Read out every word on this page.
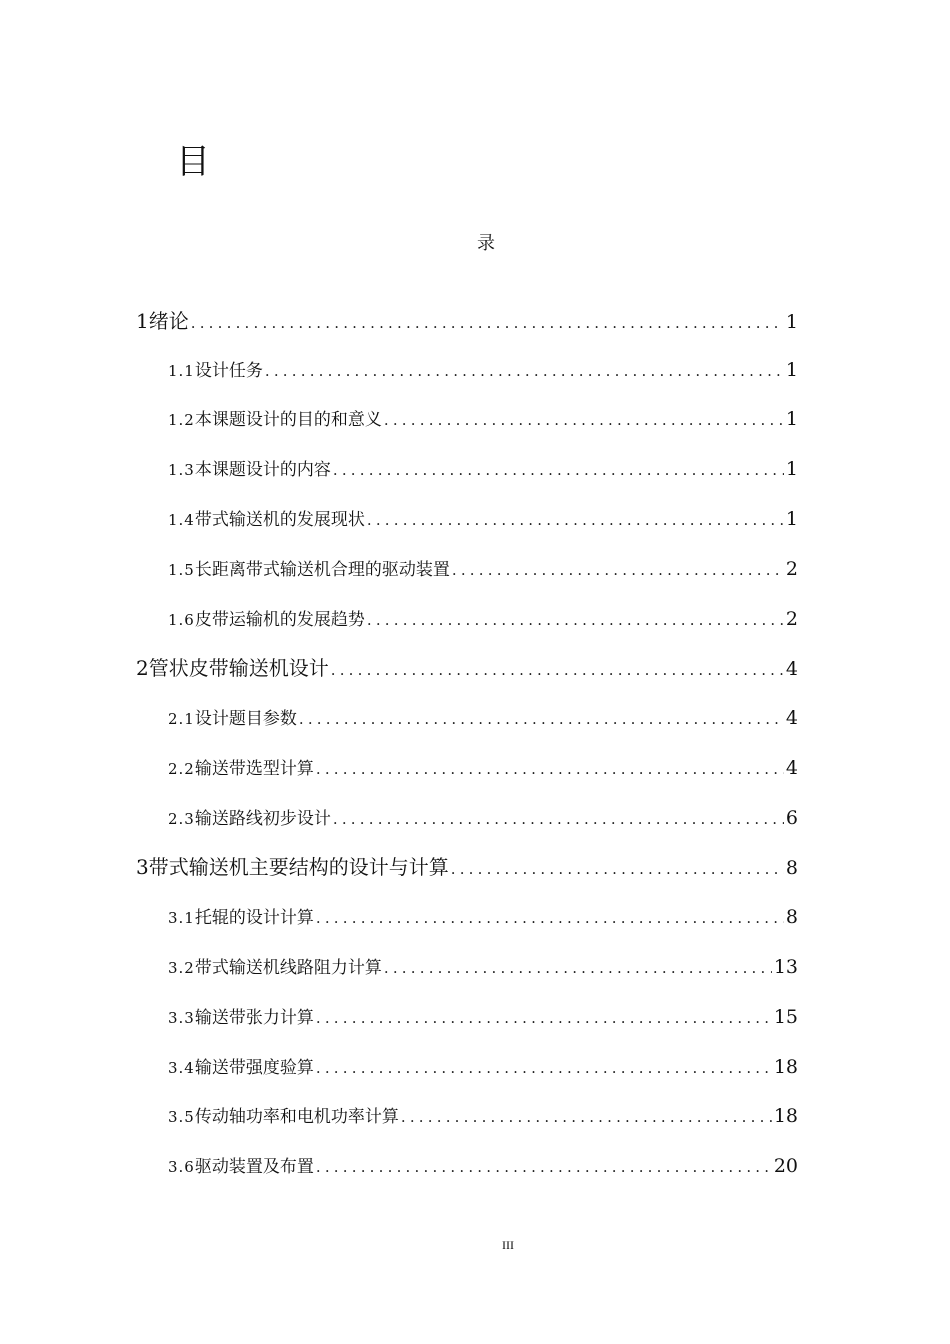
目
录
1绪论 .....	1
1.1设计任务 .....	1
1.2本课题设计的目的和意义 .....	1
1.3本课题设计的内容 .....	1
1.4带式输送机的发展现状 .....	1
1.5长距离带式输送机合理的驱动装置 .....	2
1.6皮带运输机的发展趋势 .....	2
2管状皮带输送机设计 .....	4
2.1设计题目参数 .....	4
2.2输送带选型计算 .....	4
2.3输送路线初步设计 .....	6
3带式输送机主要结构的设计与计算 .....	8
3.1托辊的设计计算 .....	8
3.2带式输送机线路阻力计算 .....	13
3.3输送带张力计算 .....	15
3.4输送带强度验算 .....	18
3.5传动轴功率和电机功率计算 .....	18
3.6驱动装置及布置 .....	20
III
